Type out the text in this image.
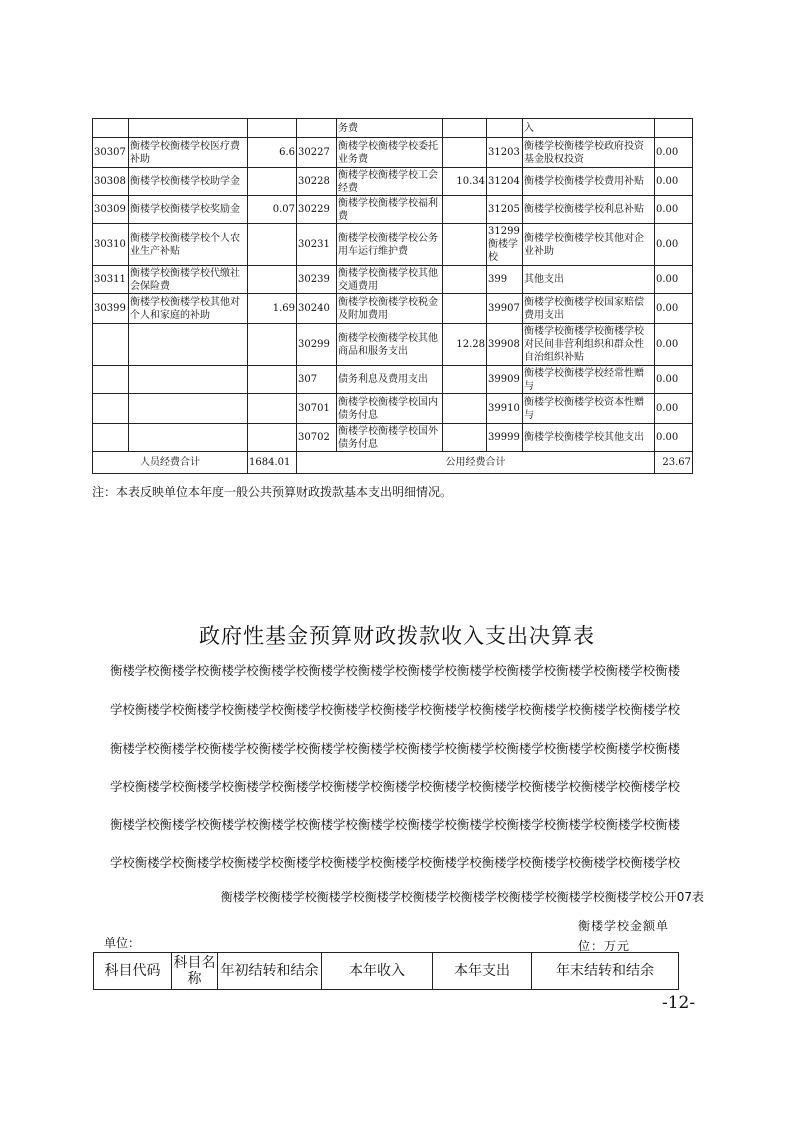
				务费			入	
30307	衡楼学校衡楼学校医疗费补助	6.6	30227	衡楼学校衡楼学校委托业务费		31203	衡楼学校衡楼学校政府投资基金股权投资	0.00
30308	衡楼学校衡楼学校助学金		30228	衡楼学校衡楼学校工会经费	10.34	31204	衡楼学校衡楼学校费用补贴	0.00
30309	衡楼学校衡楼学校奖励金	0.07	30229	衡楼学校衡楼学校福利费		31205	衡楼学校衡楼学校利息补贴	0.00
30310	衡楼学校衡楼学校个人农业生产补贴		30231	衡楼学校衡楼学校公务用车运行维护费		31299 衡楼学校	衡楼学校衡楼学校其他对企业补助	0.00
30311	衡楼学校衡楼学校代缴社会保险费		30239	衡楼学校衡楼学校其他交通费用		399	其他支出	0.00
30399	衡楼学校衡楼学校其他对个人和家庭的补助	1.69	30240	衡楼学校衡楼学校税金及附加费用		39907	衡楼学校衡楼学校国家赔偿费用支出	0.00
			30299	衡楼学校衡楼学校其他商品和服务支出	12.28	39908	衡楼学校衡楼学校衡楼学校对民间非营利组织和群众性自治组织补贴	0.00
			307	债务利息及费用支出		39909	衡楼学校衡楼学校经常性赠与	0.00
			30701	衡楼学校衡楼学校国内债务付息		39910	衡楼学校衡楼学校资本性赠与	0.00
			30702	衡楼学校衡楼学校国外债务付息		39999	衡楼学校衡楼学校其他支出	0.00
人员经费合计		1684.01	公用经费合计					23.67
注：本表反映单位本年度一般公共预算财政拨款基本支出明细情况。
政府性基金预算财政拨款收入支出决算表
衡楼学校衡楼学校衡楼学校衡楼学校衡楼学校衡楼学校衡楼学校衡楼学校衡楼学校衡楼学校衡楼学校衡楼
学校衡楼学校衡楼学校衡楼学校衡楼学校衡楼学校衡楼学校衡楼学校衡楼学校衡楼学校衡楼学校衡楼学校
衡楼学校衡楼学校衡楼学校衡楼学校衡楼学校衡楼学校衡楼学校衡楼学校衡楼学校衡楼学校衡楼学校衡楼
学校衡楼学校衡楼学校衡楼学校衡楼学校衡楼学校衡楼学校衡楼学校衡楼学校衡楼学校衡楼学校衡楼学校
衡楼学校衡楼学校衡楼学校衡楼学校衡楼学校衡楼学校衡楼学校衡楼学校衡楼学校衡楼学校衡楼学校衡楼
学校衡楼学校衡楼学校衡楼学校衡楼学校衡楼学校衡楼学校衡楼学校衡楼学校衡楼学校衡楼学校衡楼学校
衡楼学校衡楼学校衡楼学校衡楼学校衡楼学校衡楼学校衡楼学校衡楼学校衡楼学校公开07表
衡楼学校金额单位：万元
单位：
科目代码	科目名称	年初结转和结余	本年收入	本年支出	年末结转和结余
-12-
